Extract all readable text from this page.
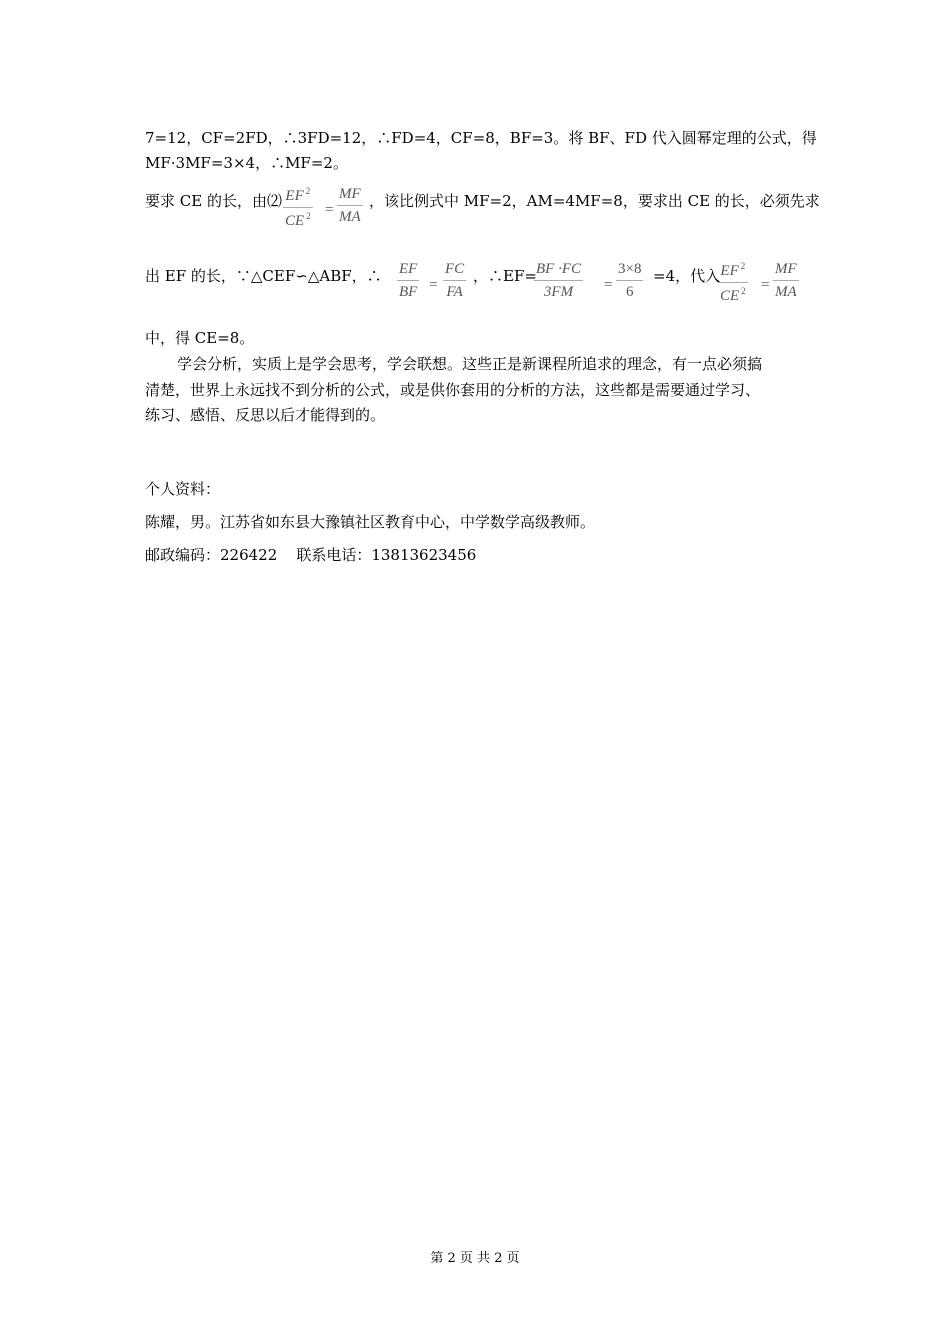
7=12，CF=2FD，∴3FD=12，∴FD=4，CF=8，BF=3。将 BF、FD 代入圆幂定理的公式，得
MF·3MF=3×4，∴MF=2。
要求 CE 的长，由⑵ EF $^2$
CE $^2$ =
MF
MA
，该比例式中 MF=2，AM=4MF=8，要求出 CE 的长，必须先求
出 EF 的长，∵△CEF∽△ABF，∴ EF
BF =
FC
FA
，∴EF= BF ·FC
3FM	=
3×8
6
=4，代入 EF $^2$
CE $^2$ =
MF
MA
中，得 CE=8。
学会分析，实质上是学会思考，学会联想。这些正是新课程所追求的理念，有一点必须搞
清楚，世界上永远找不到分析的公式，或是供你套用的分析的方法，这些都是需要通过学习、
练习、感悟、反思以后才能得到的。
个人资料：
陈耀，男。江苏省如东县大豫镇社区教育中心，中学数学高级教师。
邮政编码：226422    联系电话：13813623456
第 2 页 共 2 页
